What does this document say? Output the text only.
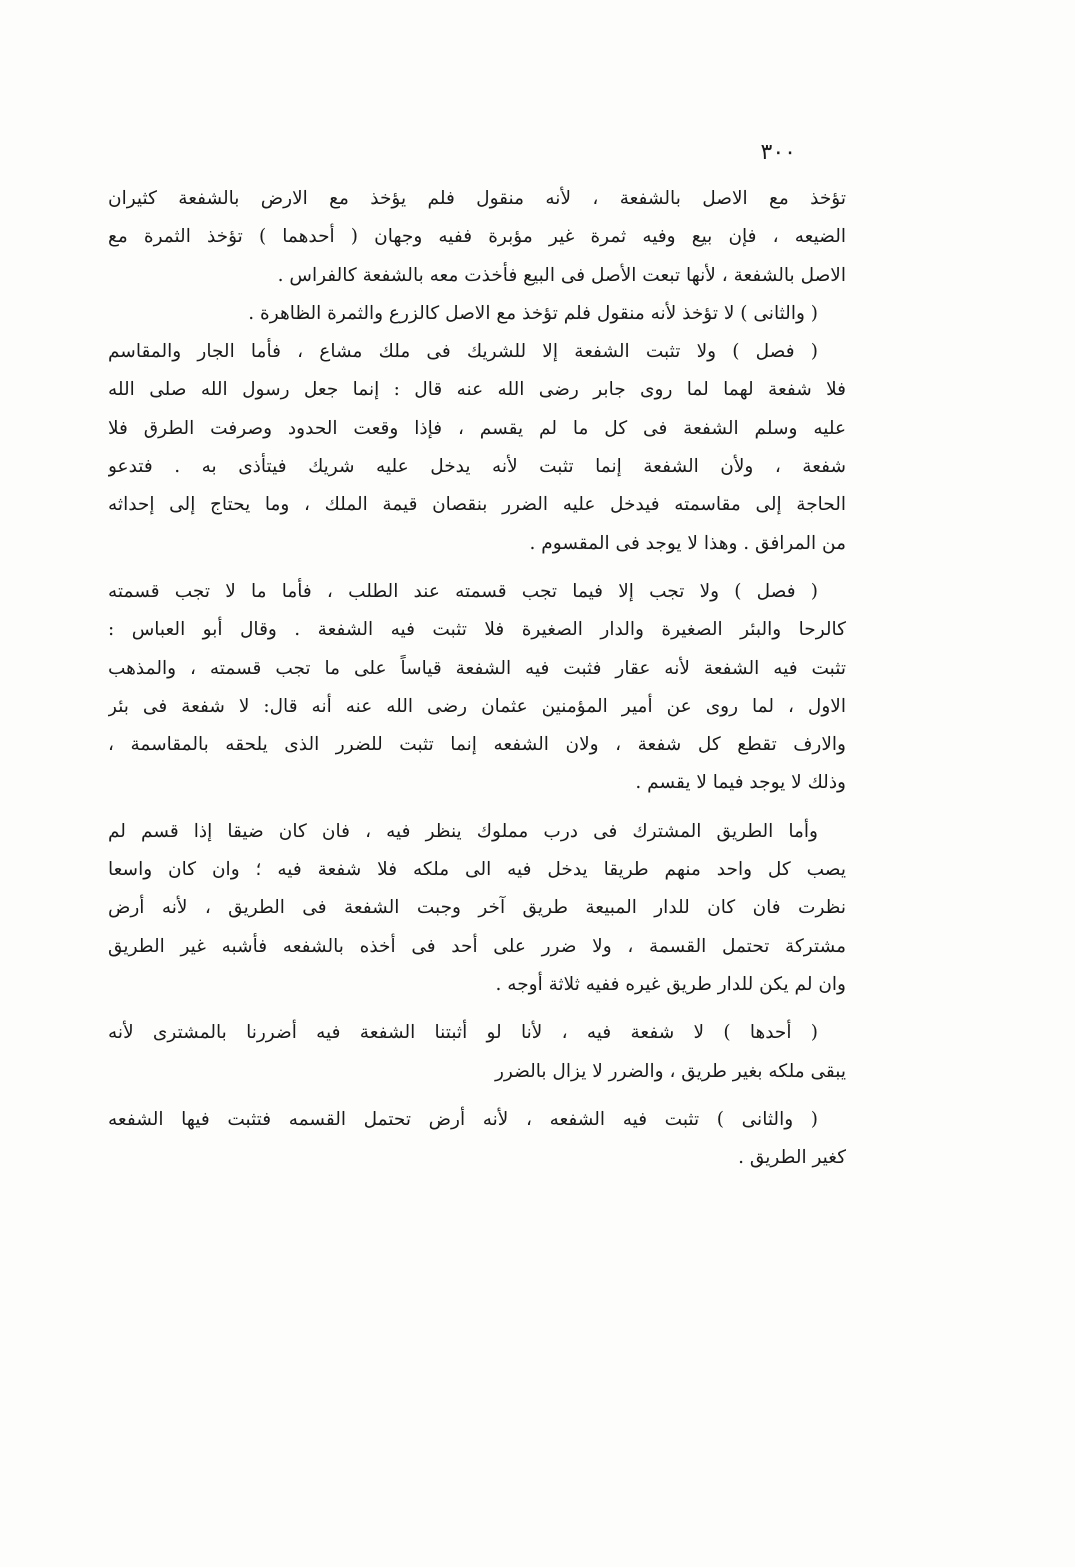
٣٠٠
تؤخذ مع الاصل بالشفعة ، لأنه منقول فلم يؤخذ مع الارض بالشفعة كثيران
الضيعه ، فإن بيع وفيه ثمرة غير مؤبرة ففيه وجهان ( أحدهما ) تؤخذ الثمرة مع
الاصل بالشفعة ، لأنها تبعت الأصل فى البيع فأخذت معه بالشفعة كالفراس .
( والثانى ) لا تؤخذ لأنه منقول فلم تؤخذ مع الاصل كالزرع والثمرة الظاهرة .
( فصل ) ولا تثبت الشفعة إلا للشريك فى ملك مشاع ، فأما الجار والمقاسم
فلا شفعة لهما لما روى جابر رضى الله عنه قال : إنما جعل رسول الله صلى الله
عليه وسلم الشفعة فى كل ما لم يقسم ، فإذا وقعت الحدود وصرفت الطرق فلا
شفعة ، ولأن الشفعة إنما تثبت لأنه يدخل عليه شريك فيتأذى به . فتدعو
الحاجة إلى مقاسمته فيدخل عليه الضرر بنقصان قيمة الملك ، وما يحتاج إلى إحداثه
من المرافق . وهذا لا يوجد فى المقسوم .
( فصل ) ولا تجب إلا فيما تجب قسمته عند الطلب ، فأما ما لا تجب قسمته
كالرحا والبئر الصغيرة والدار الصغيرة فلا تثبت فيه الشفعة . وقال أبو العباس :
تثبت فيه الشفعة لأنه عقار فثبت فيه الشفعة قياساً على ما تجب قسمته ، والمذهب
الاول ، لما روى عن أمير المؤمنين عثمان رضى الله عنه أنه قال: لا شفعة فى بئر
والارف تقطع كل شفعة ، ولان الشفعه إنما تثبت للضرر الذى يلحقه بالمقاسمة ،
وذلك لا يوجد فيما لا يقسم .
وأما الطريق المشترك فى درب مملوك ينظر فيه ، فان كان ضيقا إذا قسم لم
يصب كل واحد منهم طريقا يدخل فيه الى ملكه فلا شفعة فيه ؛ وان كان واسعا
نظرت فان كان للدار المبيعة طريق آخر وجبت الشفعة فى الطريق ، لأنه أرض
مشتركة تحتمل القسمة ، ولا ضرر على أحد فى أخذه بالشفعه فأشبه غير الطريق
وان لم يكن للدار طريق غيره ففيه ثلاثة أوجه .
( أحدها ) لا شفعة فيه ، لأنا لو أثبتنا الشفعة فيه أضررنا بالمشترى لأنه
يبقى ملكه بغير طريق ، والضرر لا يزال بالضرر
( والثانى ) تثبت فيه الشفعه ، لأنه أرض تحتمل القسمه فتثبت فيها الشفعه
كغير الطريق .
